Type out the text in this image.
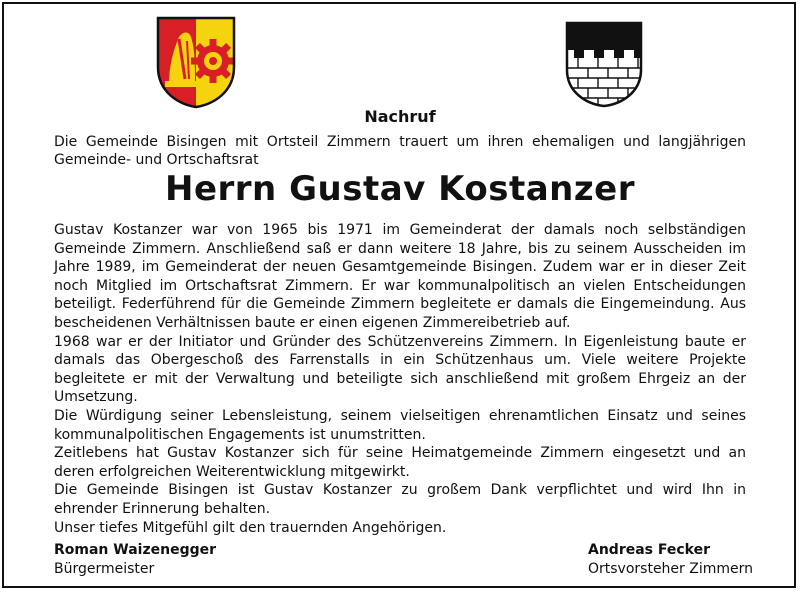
Nachruf
Die Gemeinde Bisingen mit Ortsteil Zimmern trauert um ihren ehemaligen und langjährigen Gemeinde- und Ortschaftsrat
Herrn Gustav Kostanzer

Gustav Kostanzer war von 1965 bis 1971 im Gemeinderat der damals noch selbständigen Gemeinde Zimmern. Anschließend saß er dann weitere 18 Jahre, bis zu seinem Ausscheiden im Jahre 1989, im Gemeinderat der neuen Gesamtgemeinde Bisingen. Zudem war er in dieser Zeit noch Mitglied im Ortschaftsrat Zimmern. Er war kommunalpolitisch an vielen Entscheidungen beteiligt. Federführend für die Gemeinde Zimmern begleitete er damals die Eingemeindung. Aus bescheidenen Verhältnissen baute er einen eigenen Zimmereibetrieb auf.

1968 war er der Initiator und Gründer des Schützenvereins Zimmern. In Eigenleistung baute er damals das Obergeschoß des Farrenstalls in ein Schützenhaus um. Viele weitere Projekte begleitete er mit der Verwaltung und beteiligte sich anschließend mit großem Ehrgeiz an der Umsetzung.

Die Würdigung seiner Lebensleistung, seinem vielseitigen ehrenamtlichen Einsatz und seines kommunalpolitischen Engagements ist unumstritten.

Zeitlebens hat Gustav Kostanzer sich für seine Heimatgemeinde Zimmern eingesetzt und an deren erfolgreichen Weiterentwicklung mitgewirkt.

Die Gemeinde Bisingen ist Gustav Kostanzer zu großem Dank verpflichtet und wird Ihn in ehrender Erinnerung behalten.

Unser tiefes Mitgefühl gilt den trauernden Angehörigen.

Roman Waizenegger
Bürgermeister
Andreas Fecker
Ortsvorsteher Zimmern
